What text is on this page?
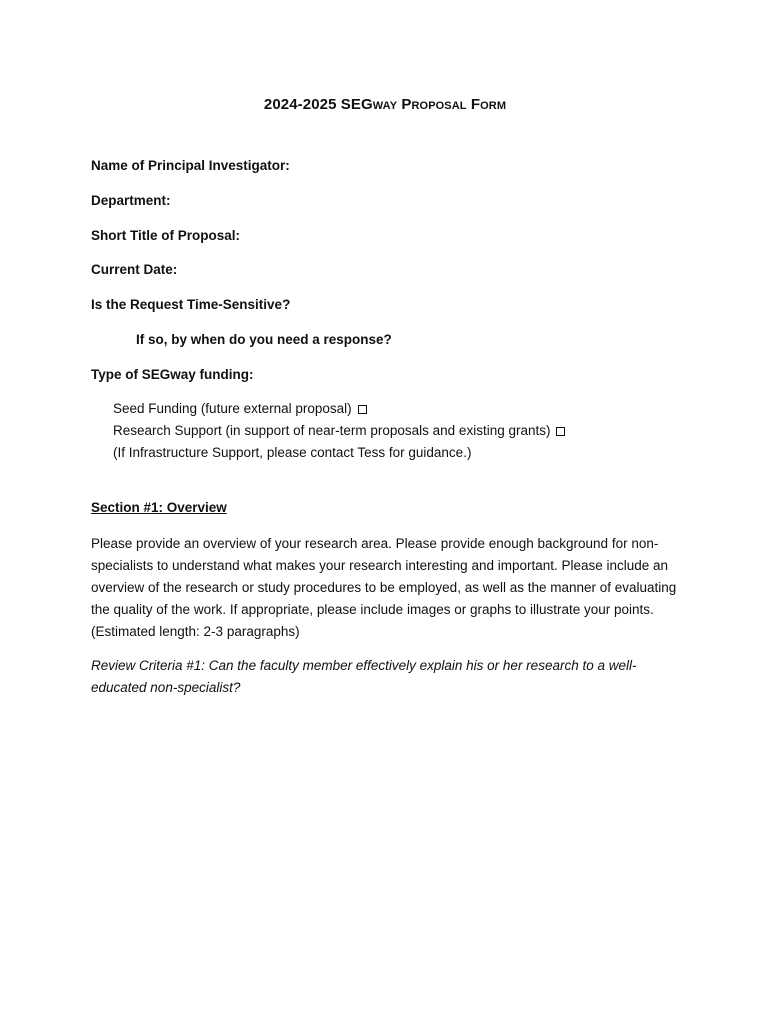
2024-2025 SEGway Proposal Form
Name of Principal Investigator:
Department:
Short Title of Proposal:
Current Date:
Is the Request Time-Sensitive?
If so, by when do you need a response?
Type of SEGway funding:
Seed Funding (future external proposal)
Research Support (in support of near-term proposals and existing grants)
(If Infrastructure Support, please contact Tess for guidance.)
Section #1: Overview
Please provide an overview of your research area. Please provide enough background for non-specialists to understand what makes your research interesting and important. Please include an overview of the research or study procedures to be employed, as well as the manner of evaluating the quality of the work. If appropriate, please include images or graphs to illustrate your points. (Estimated length: 2-3 paragraphs)
Review Criteria #1: Can the faculty member effectively explain his or her research to a well-educated non-specialist?
